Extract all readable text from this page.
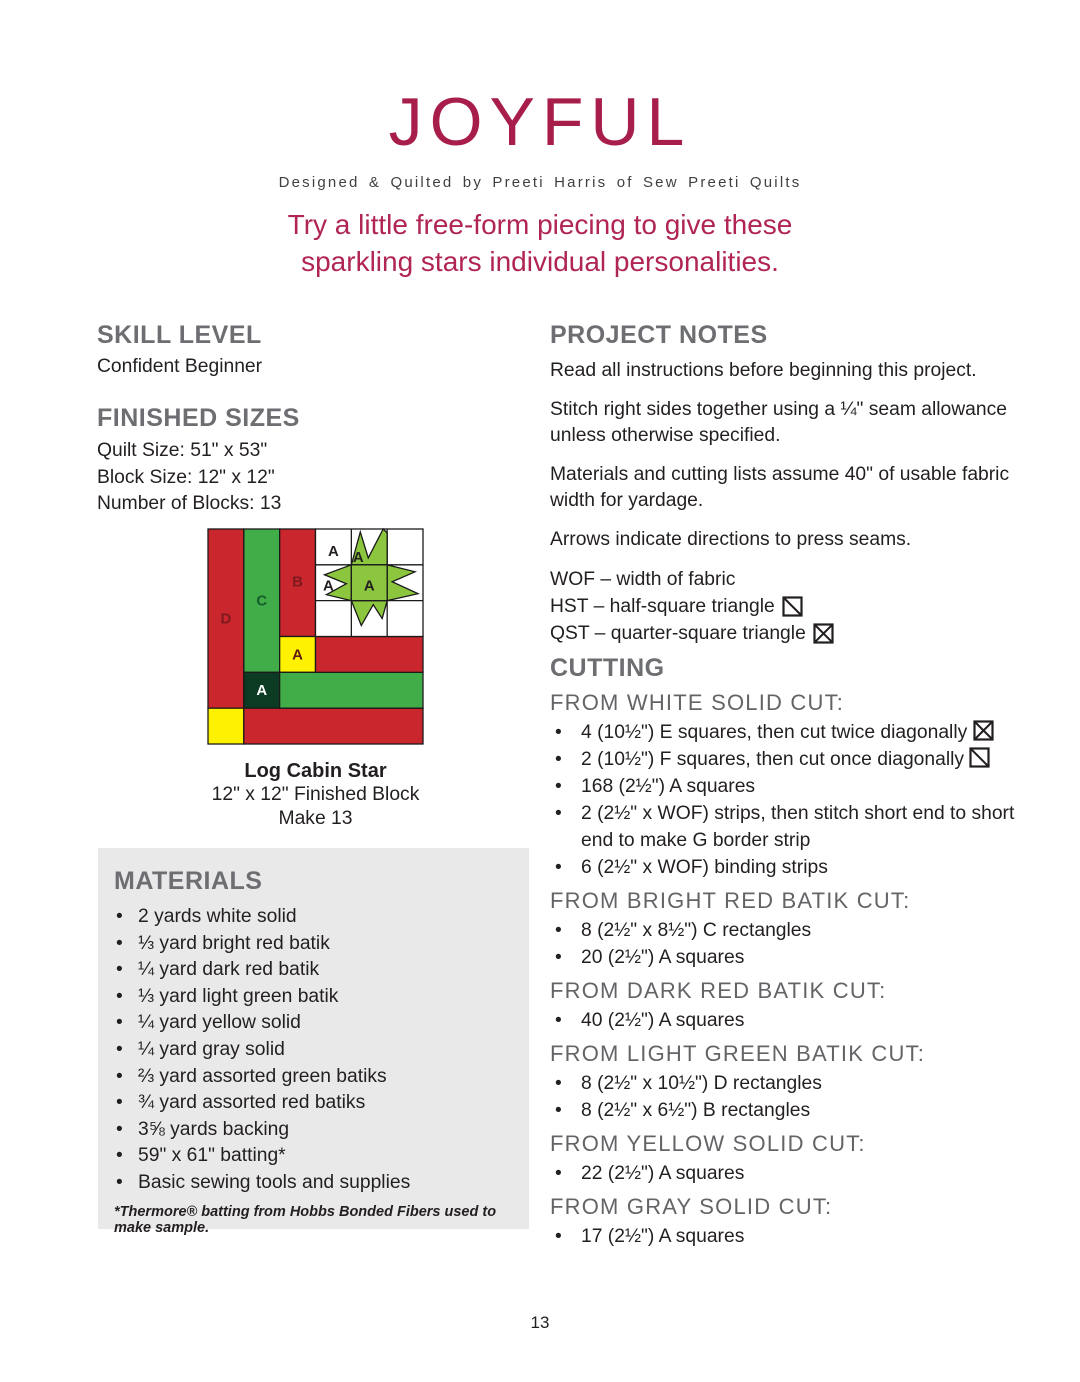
JOYFUL
Designed & Quilted by Preeti Harris of Sew Preeti Quilts
Try a little free-form piecing to give these
sparkling stars individual personalities.
SKILL LEVEL
Confident Beginner
FINISHED SIZES
Quilt Size: 51" x 53"
Block Size: 12" x 12"
Number of Blocks: 13
D
C
B
A
A
A A
A A
Log Cabin Star
12" x 12" Finished Block
Make 13
MATERIALS
• 2 yards white solid
• ⅓ yard bright red batik
• ¼ yard dark red batik
• ⅓ yard light green batik
• ¼ yard yellow solid
• ¼ yard gray solid
• ⅔ yard assorted green batiks
• ¾ yard assorted red batiks
• 3⅝ yards backing
• 59" x 61" batting*
• Basic sewing tools and supplies
*Thermore® batting from Hobbs Bonded Fibers used to make sample.
PROJECT NOTES

Read all instructions before beginning this project.

Stitch right sides together using a ¼" seam allowance unless otherwise specified.

Materials and cutting lists assume 40" of usable fabric width for yardage.

Arrows indicate directions to press seams.

WOF – width of fabric
HST – half-square triangle
QST – quarter-square triangle
CUTTING
FROM WHITE SOLID CUT:
• 4 (10½") E squares, then cut twice diagonally
• 2 (10½") F squares, then cut once diagonally
• 168 (2½") A squares
• 2 (2½" x WOF) strips, then stitch short end to short end to make G border strip
• 6 (2½" x WOF) binding strips
FROM BRIGHT RED BATIK CUT:
• 8 (2½" x 8½") C rectangles
• 20 (2½") A squares
FROM DARK RED BATIK CUT:
• 40 (2½") A squares
FROM LIGHT GREEN BATIK CUT:
• 8 (2½" x 10½") D rectangles
• 8 (2½" x 6½") B rectangles
FROM YELLOW SOLID CUT:
• 22 (2½") A squares
FROM GRAY SOLID CUT:
• 17 (2½") A squares
13
